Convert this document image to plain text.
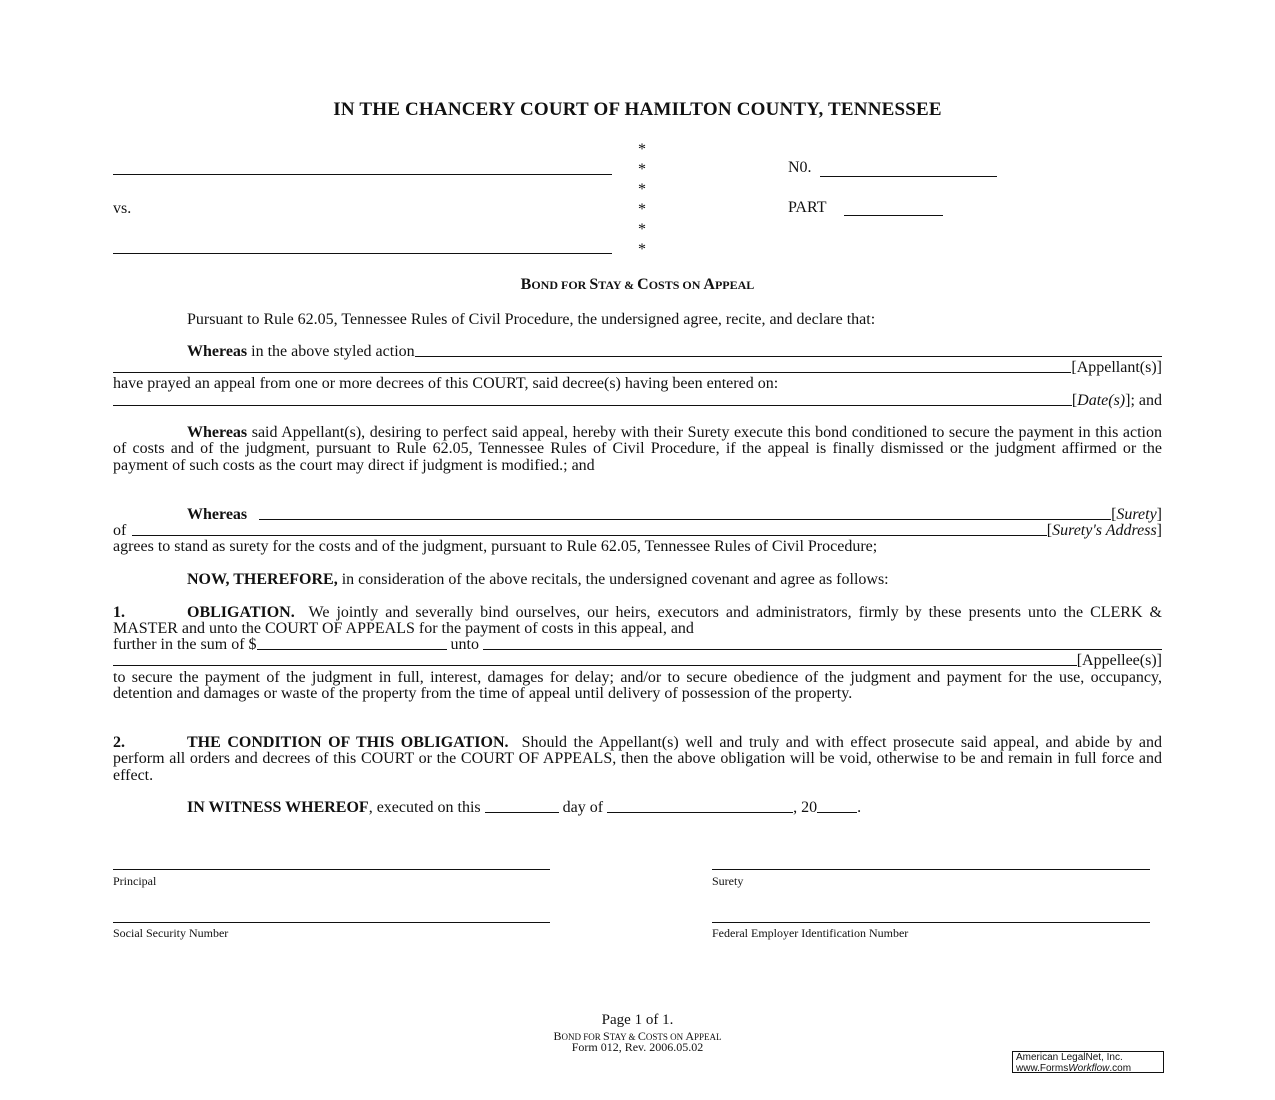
IN THE CHANCERY COURT OF HAMILTON COUNTY, TENNESSEE
vs.
*
*
*
*
*
*
N0.
PART
BOND FOR STAY & COSTS ON APPEAL
Pursuant to Rule 62.05, Tennessee Rules of Civil Procedure, the undersigned agree, recite, and declare that:
Whereas in the above styled action
[Appellant(s)]
have prayed an appeal from one or more decrees of this COURT, said decree(s) having been entered on:
[ Date(s) ]; and
Whereas said Appellant(s), desiring to perfect said appeal, hereby with their Surety execute this bond conditioned to secure the payment in this action of costs and of the judgment, pursuant to Rule 62.05, Tennessee Rules of Civil Procedure, if the appeal is finally dismissed or the judgment affirmed or the payment of such costs as the court may direct if judgment is modified.; and
Whereas	[ Surety ]
of	[ Surety's Address ]
agrees to stand as surety for the costs and of the judgment, pursuant to Rule 62.05, Tennessee Rules of Civil Procedure;
NOW, THEREFORE, in consideration of the above recitals, the undersigned covenant and agree as follows:
1.	OBLIGATION.  We jointly and severally bind ourselves, our heirs, executors and administrators, firmly by these presents unto the CLERK & MASTER and unto the COURT OF APPEALS for the payment of costs in this appeal, and
further in the sum of $	unto
[Appellee(s)]
to secure the payment of the judgment in full, interest, damages for delay; and/or to secure obedience of the judgment and payment for the use, occupancy, detention and damages or waste of the property from the time of appeal until delivery of possession of the property.
2.	THE CONDITION OF THIS OBLIGATION.  Should the Appellant(s) well and truly and with effect prosecute said appeal, and abide by and perform all orders and decrees of this COURT or the COURT OF APPEALS, then the above obligation will be void, otherwise to be and remain in full force and effect.
IN WITNESS WHEREOF , executed on this	day of	, 20	.
Principal	Surety
Social Security Number	Federal Employer Identification Number
Page 1 of 1.
BOND FOR STAY & COSTS ON APPEAL
Form 012, Rev. 2006.05.02
American LegalNet, Inc.
www.FormsWorkflow.com
